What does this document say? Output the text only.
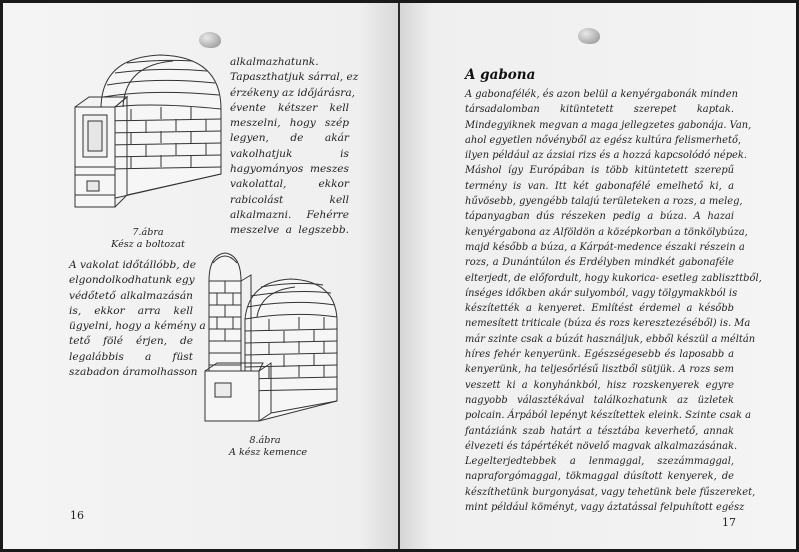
7.ábra
Kész a boltozat
alkalmazhatunk.
Tapaszthatjuk sárral, ez
érzékeny az időjárásra,
évente kétszer kell
meszelni, hogy szép
legyen, de akár
vakolhatjuk is
hagyományos meszes
vakolattal, ekkor
rabicolást kell
alkalmazni. Fehérre
meszelve a legszebb.
A vakolat időtállóbb, de
elgondolkodhatunk egy
védőtető alkalmazásán
is, ekkor arra kell
ügyelni, hogy a kémény a
tető fölé érjen, de
legalábbis a füst
szabadon áramolhasson
8.ábra
A kész kemence
16
A gabona
A gabonafélék, és azon belül a kenyérgabonák minden
társadalomban kitüntetett szerepet kaptak.
Mindegyiknek megvan a maga jellegzetes gabonája. Van,
ahol egyetlen nővényből az egész kultúra felismerhető,
ilyen például az ázsiai rizs és a hozzá kapcsolódó népek.
Máshol így Európában is több kitüntetett szerepű
termény is van. Itt két gabonafélé emelhető ki, a
hűvösebb, gyengébb talajú területeken a rozs, a meleg,
tápanyagban dús részeken pedig a búza. A hazai
kenyérgabona az Alföldön a középkorban a tönkölybúza,
majd később a búza, a Kárpát-medence északi részein a
rozs, a Dunántúlon és Erdélyben mindkét gabonaféle
elterjedt, de előfordult, hogy kukorica- esetleg zabliszttből,
ínséges időkben akár sulyomból, vagy tölgymakkból is
készítették a kenyeret. Említést érdemel a később
nemesített triticale (búza és rozs keresztezéséből) is. Ma
már szinte csak a búzát használjuk, ebből készül a méltán
híres fehér kenyerünk. Egészségesebb és laposabb a
kenyerünk, ha teljesőrlésű lisztből sütjük. A rozs sem
veszett ki a konyhánkból, hisz rozskenyerek egyre
nagyobb választékával találkozhatunk az üzletek
polcain. Árpából lepényt készítettek eleink. Szinte csak a
fantáziánk szab határt a tésztába keverhető, annak
élvezeti és tápértékét növelő magvak alkalmazásának.
Legelterjedtebbek a lenmaggal, szezámmaggal,
napraforgómaggal, tökmaggal dúsított kenyerek, de
készíthetünk burgonyásat, vagy tehetünk bele fűszereket,
mint például köményt, vagy áztatással felpuhított egész
17
